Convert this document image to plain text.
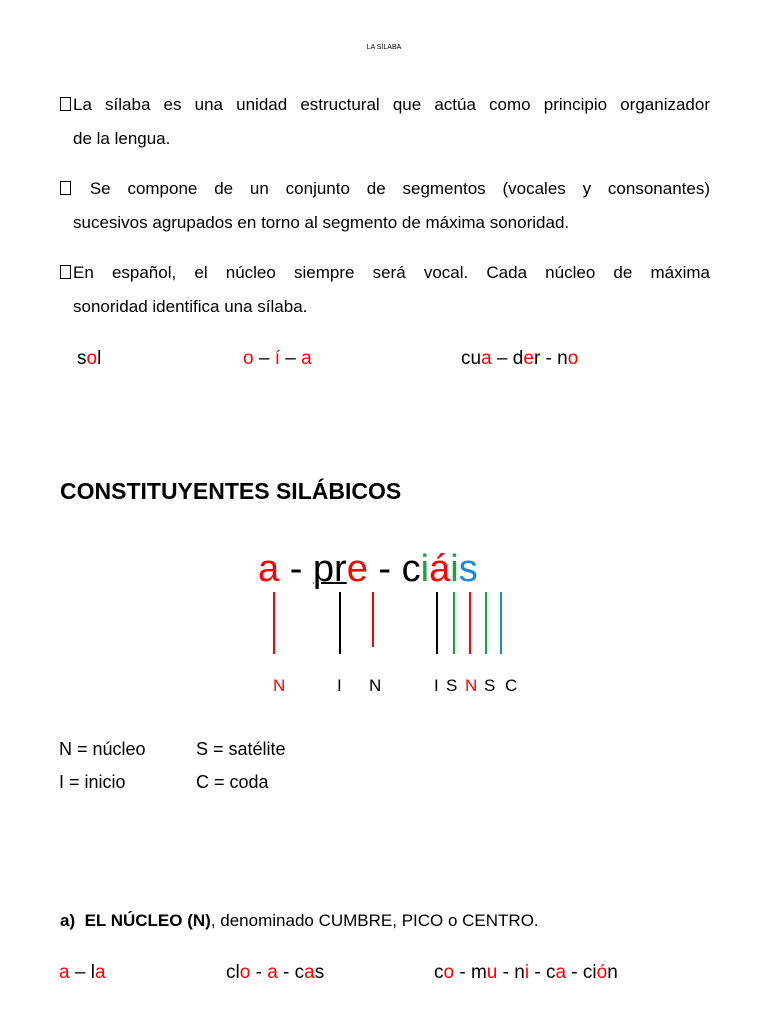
LA SÍLABA
La sílaba es una unidad estructural que actúa como principio organizador
de la lengua.
Se compone de un conjunto de segmentos (vocales y consonantes)
sucesivos agrupados en torno al segmento de máxima sonoridad.
En español, el núcleo siempre será vocal. Cada núcleo de máxima
sonoridad identifica una sílaba.
sol	o – í – a	cua – der - no
CONSTITUYENTES SILÁBICOS
a - pre - ciáis
N	I N	I S N S C
N = núcleo	S = satélite
I = inicio	C = coda
a) EL NÚCLEO (N), denominado CUMBRE, PICO o CENTRO.
a – la	clo - a - cas	co - mu - ni - ca - ción
